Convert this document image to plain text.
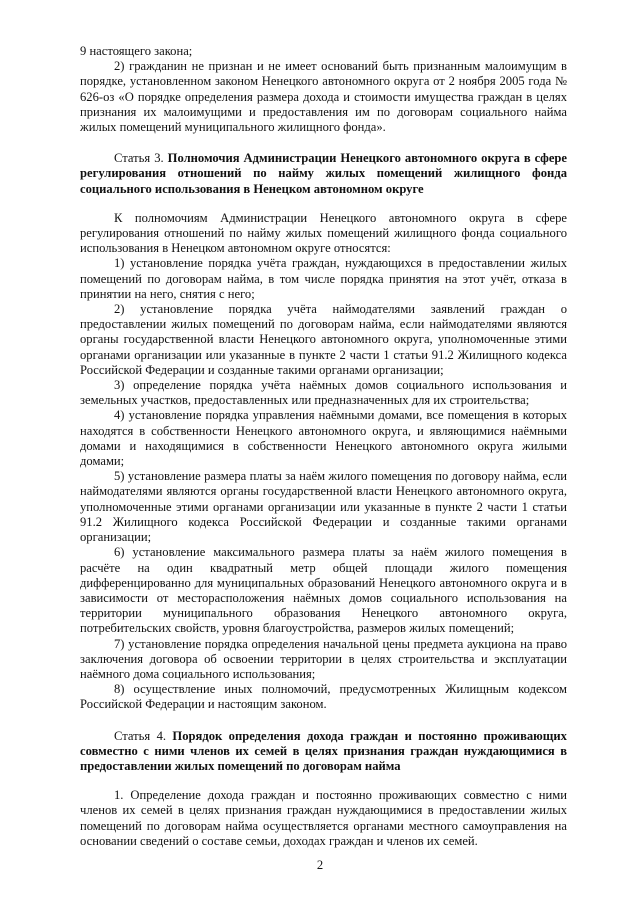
9 настоящего закона;

2) гражданин не признан и не имеет оснований быть признанным малоимущим в порядке, установленном законом Ненецкого автономного округа от 2 ноября 2005 года № 626-оз «О порядке определения размера дохода и стоимости имущества граждан в целях признания их малоимущими и предоставления им по договорам социального найма жилых помещений муниципального жилищного фонда».

Статья 3. Полномочия Администрации Ненецкого автономного округа в сфере регулирования отношений по найму жилых помещений жилищного фонда социального использования в Ненецком автономном округе

К полномочиям Администрации Ненецкого автономного округа в сфере регулирования отношений по найму жилых помещений жилищного фонда социального использования в Ненецком автономном округе относятся:

1) установление порядка учёта граждан, нуждающихся в предоставлении жилых помещений по договорам найма, в том числе порядка принятия на этот учёт, отказа в принятии на него, снятия с него;

2) установление порядка учёта наймодателями заявлений граждан о предоставлении жилых помещений по договорам найма, если наймодателями являются органы государственной власти Ненецкого автономного округа, уполномоченные этими органами организации или указанные в пункте 2 части 1 статьи 91.2 Жилищного кодекса Российской Федерации и созданные такими органами организации;

3) определение порядка учёта наёмных домов социального использования и земельных участков, предоставленных или предназначенных для их строительства;

4) установление порядка управления наёмными домами, все помещения в которых находятся в собственности Ненецкого автономного округа, и являющимися наёмными домами и находящимися в собственности Ненецкого автономного округа жилыми домами;

5) установление размера платы за наём жилого помещения по договору найма, если наймодателями являются органы государственной власти Ненецкого автономного округа, уполномоченные этими органами организации или указанные в пункте 2 части 1 статьи 91.2 Жилищного кодекса Российской Федерации и созданные такими органами организации;

6) установление максимального размера платы за наём жилого помещения в расчёте на один квадратный метр общей площади жилого помещения дифференцированно для муниципальных образований Ненецкого автономного округа и в зависимости от месторасположения наёмных домов социального использования на территории муниципального образования Ненецкого автономного округа, потребительских свойств, уровня благоустройства, размеров жилых помещений;

7) установление порядка определения начальной цены предмета аукциона на право заключения договора об освоении территории в целях строительства и эксплуатации наёмного дома социального использования;

8) осуществление иных полномочий, предусмотренных Жилищным кодексом Российской Федерации и настоящим законом.

Статья 4. Порядок определения дохода граждан и постоянно проживающих совместно с ними членов их семей в целях признания граждан нуждающимися в предоставлении жилых помещений по договорам найма

1. Определение дохода граждан и постоянно проживающих совместно с ними членов их семей в целях признания граждан нуждающимися в предоставлении жилых помещений по договорам найма осуществляется органами местного самоуправления на основании сведений о составе семьи, доходах граждан и членов их семей.

2
